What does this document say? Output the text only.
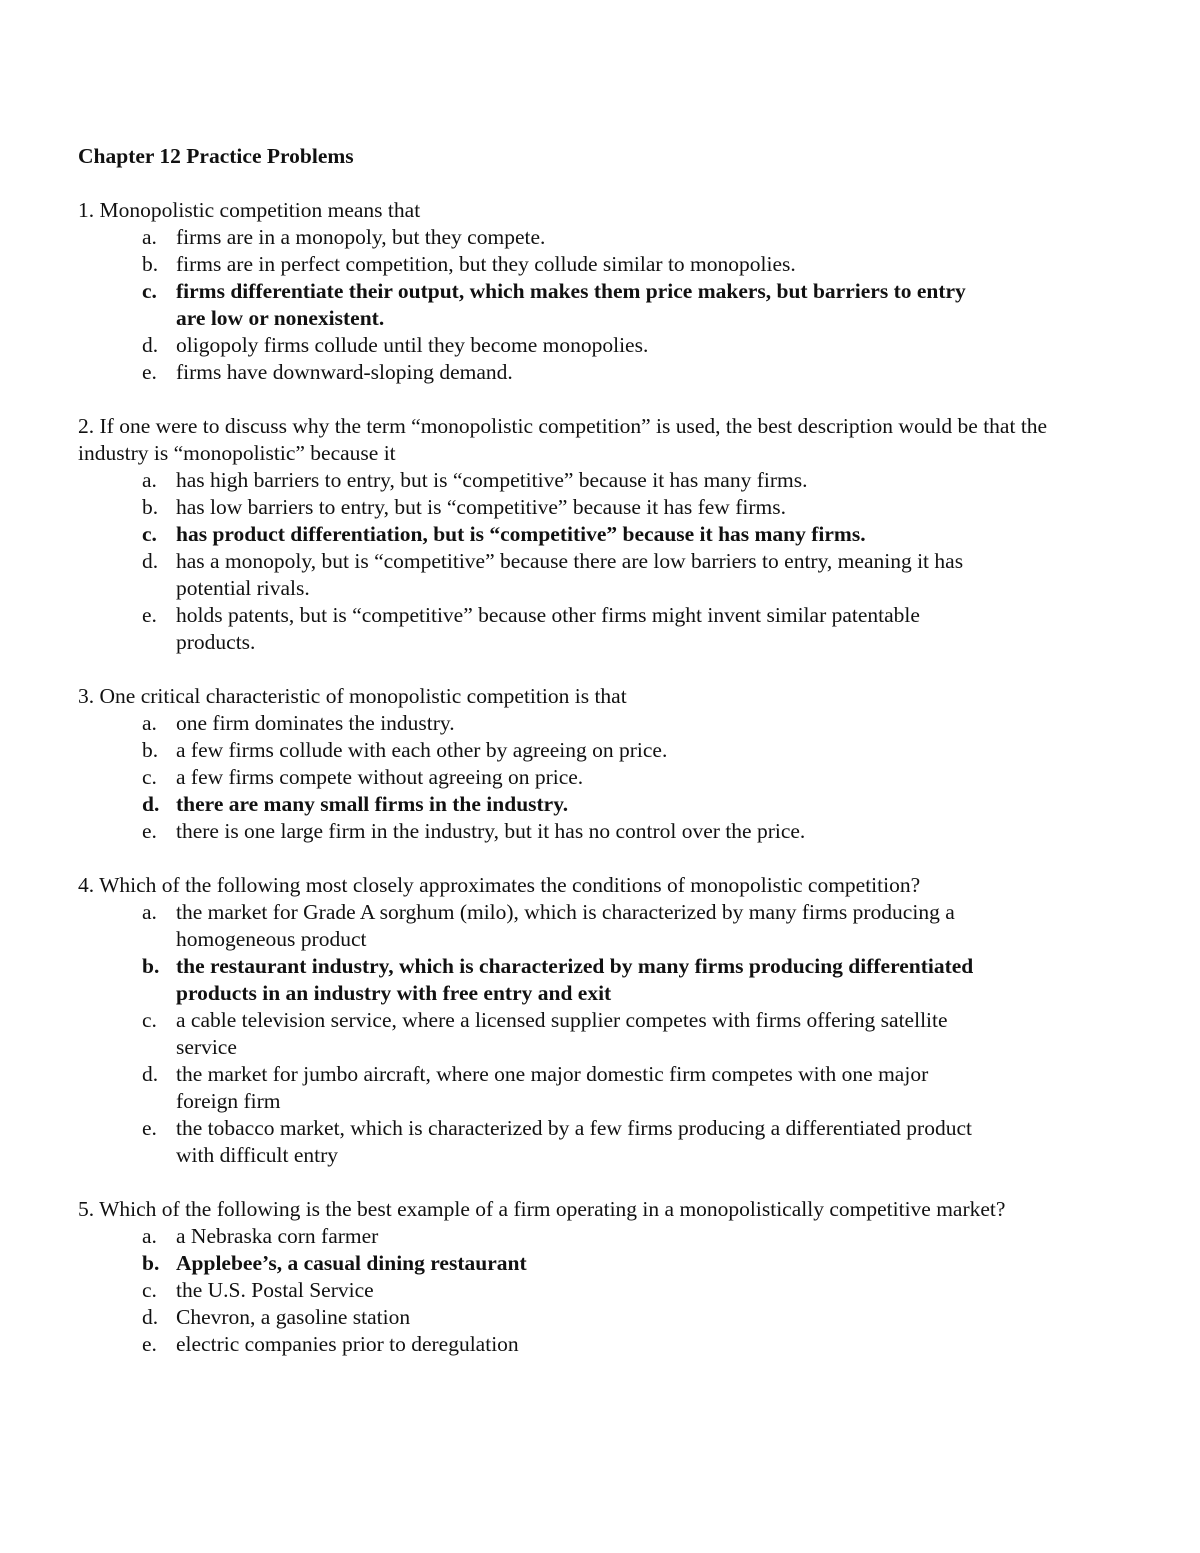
Chapter 12 Practice Problems

1. Monopolistic competition means that

a. firms are in a monopoly, but they compete.
b. firms are in perfect competition, but they collude similar to monopolies.
c. firms differentiate their output, which makes them price makers, but barriers to entry are low or nonexistent.
d. oligopoly firms collude until they become monopolies.
e. firms have downward-sloping demand.

2. If one were to discuss why the term “monopolistic competition” is used, the best description would be that the industry is “monopolistic” because it

a. has high barriers to entry, but is “competitive” because it has many firms.
b. has low barriers to entry, but is “competitive” because it has few firms.
c. has product differentiation, but is “competitive” because it has many firms.
d. has a monopoly, but is “competitive” because there are low barriers to entry, meaning it has potential rivals.
e. holds patents, but is “competitive” because other firms might invent similar patentable products.

3. One critical characteristic of monopolistic competition is that

a. one firm dominates the industry.
b. a few firms collude with each other by agreeing on price.
c. a few firms compete without agreeing on price.
d. there are many small firms in the industry.
e. there is one large firm in the industry, but it has no control over the price.

4. Which of the following most closely approximates the conditions of monopolistic competition?

a. the market for Grade A sorghum (milo), which is characterized by many firms producing a homogeneous product
b. the restaurant industry, which is characterized by many firms producing differentiated products in an industry with free entry and exit
c. a cable television service, where a licensed supplier competes with firms offering satellite service
d. the market for jumbo aircraft, where one major domestic firm competes with one major foreign firm
e. the tobacco market, which is characterized by a few firms producing a differentiated product with difficult entry

5. Which of the following is the best example of a firm operating in a monopolistically competitive market?

a. a Nebraska corn farmer
b. Applebee’s, a casual dining restaurant
c. the U.S. Postal Service
d. Chevron, a gasoline station
e. electric companies prior to deregulation
